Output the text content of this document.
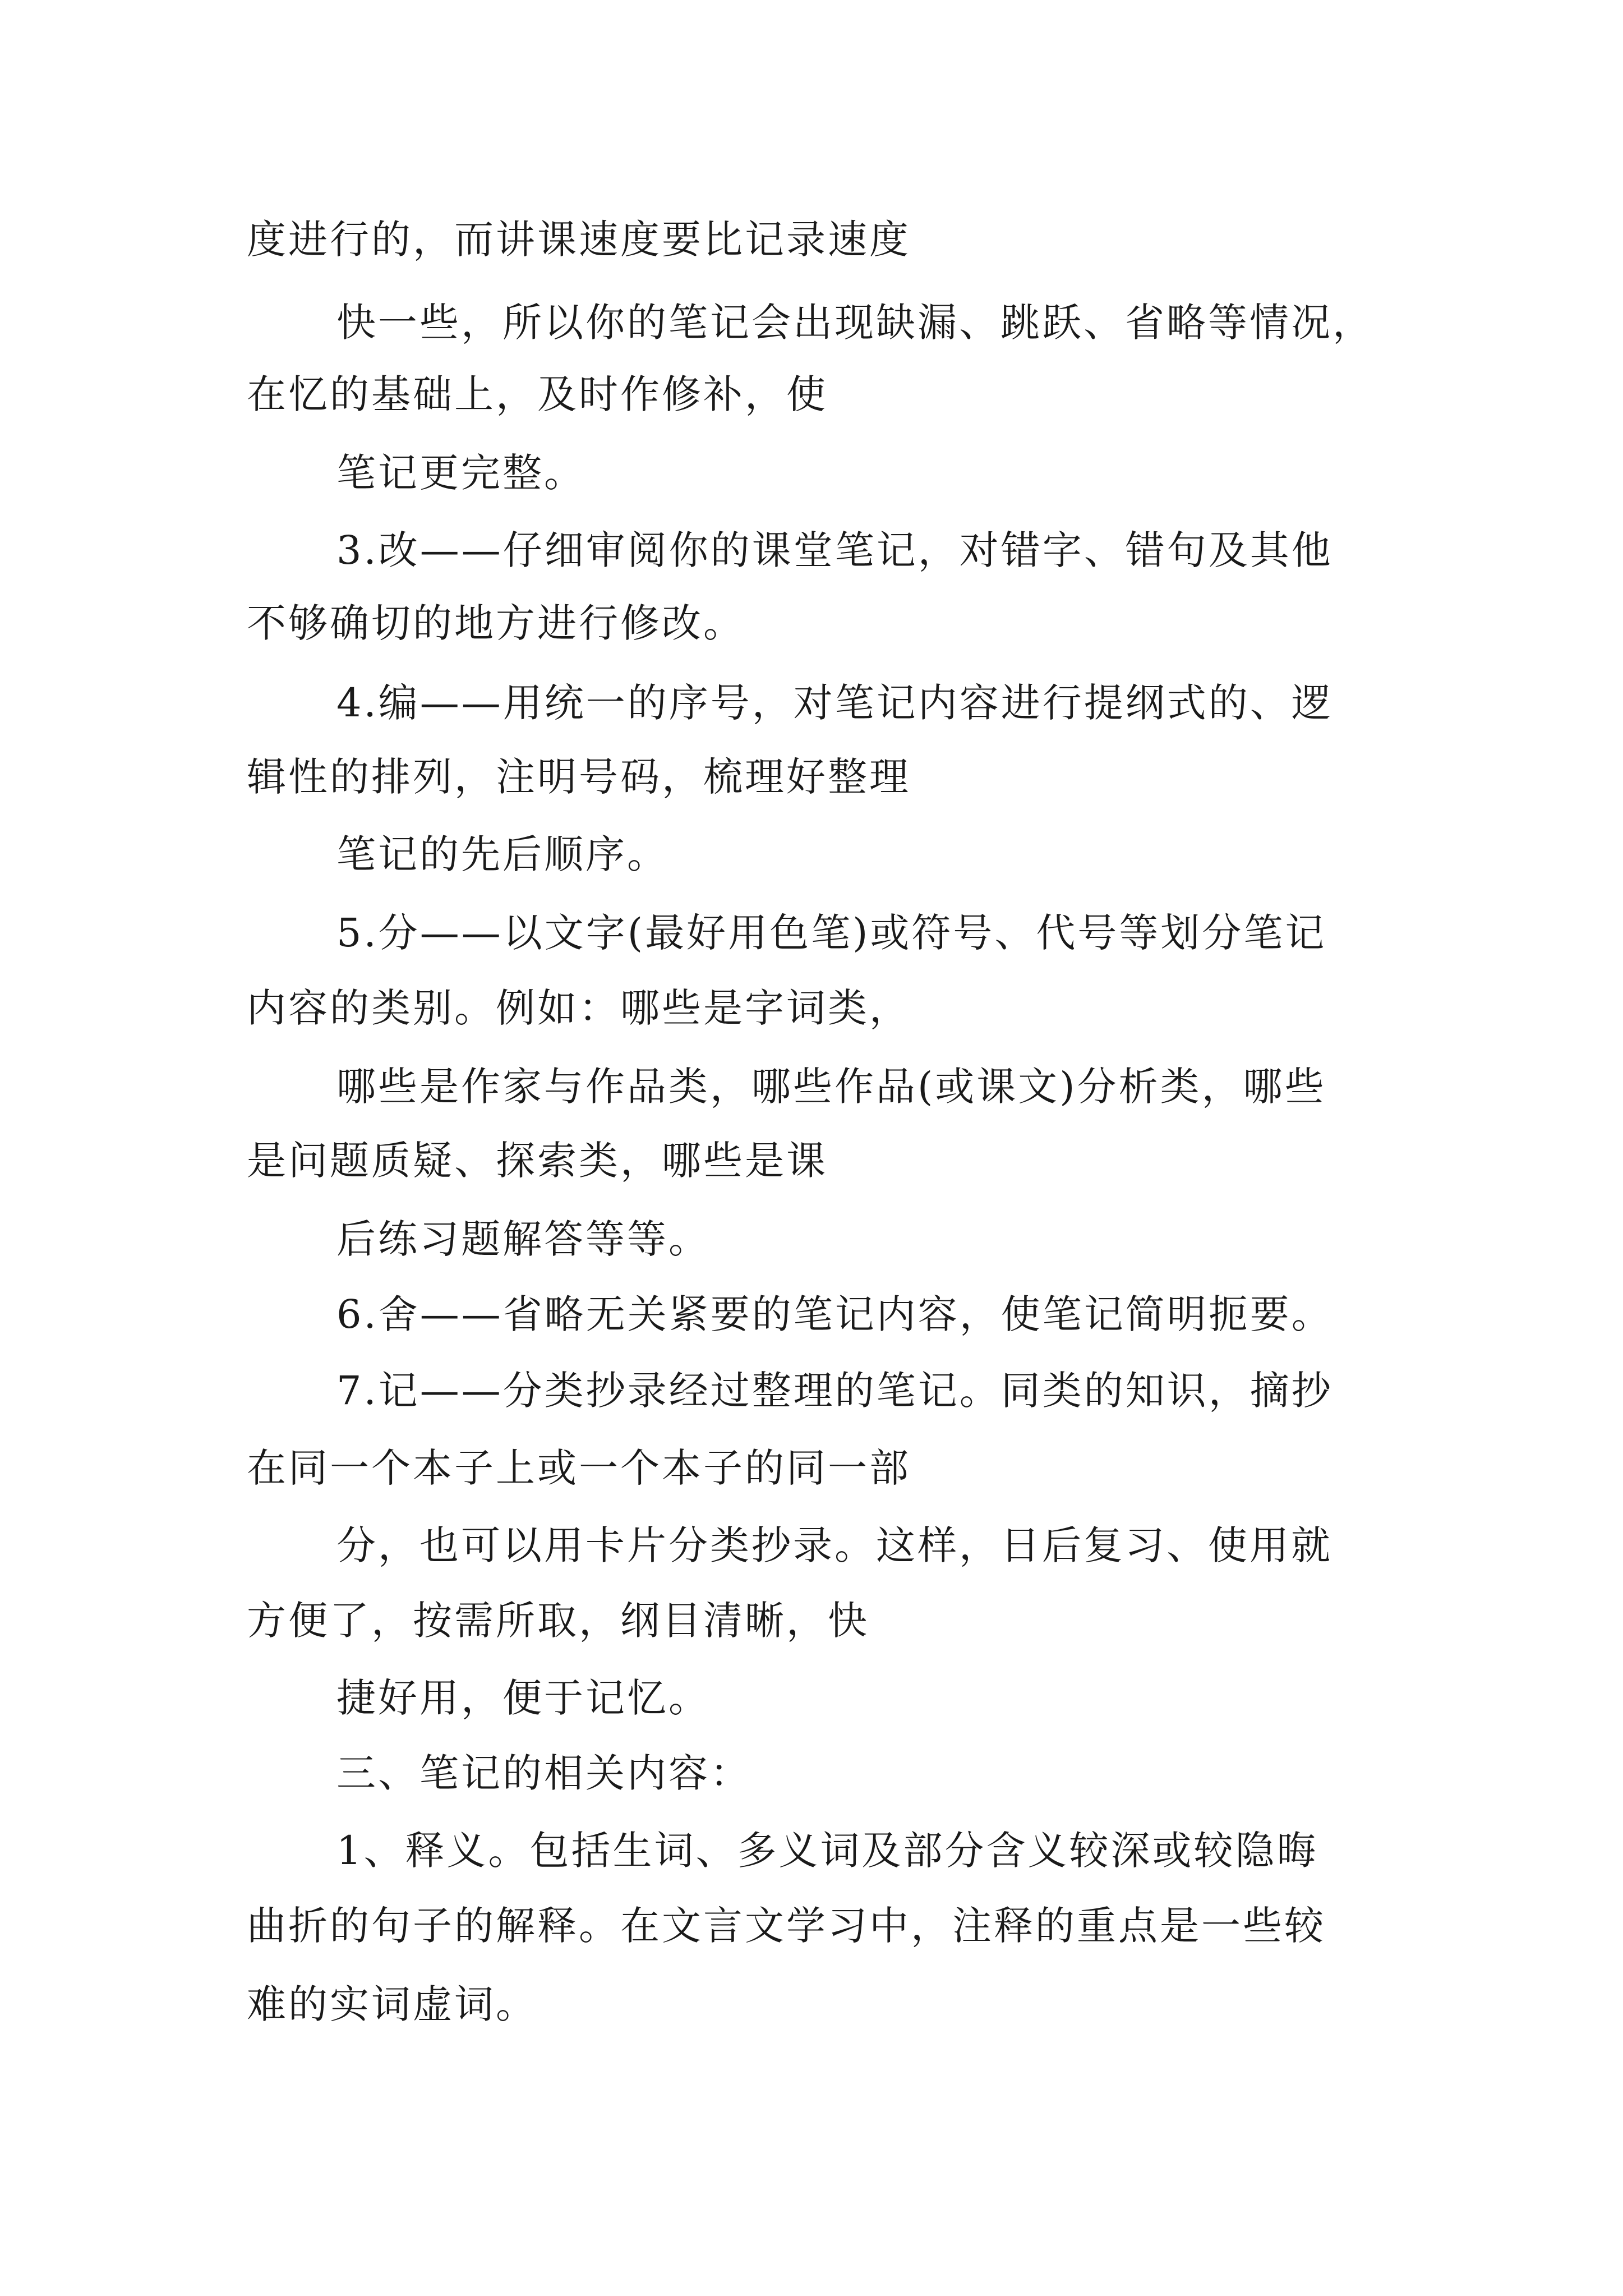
度进行的，而讲课速度要比记录速度
快一些，所以你的笔记会出现缺漏、跳跃、省略等情况，
在忆的基础上，及时作修补，使
笔记更完整。
3.改——仔细审阅你的课堂笔记，对错字、错句及其他
不够确切的地方进行修改。
4.编——用统一的序号，对笔记内容进行提纲式的、逻
辑性的排列，注明号码，梳理好整理
笔记的先后顺序。
5.分——以文字(最好用色笔)或符号、代号等划分笔记
内容的类别。例如：哪些是字词类，
哪些是作家与作品类，哪些作品(或课文)分析类，哪些
是问题质疑、探索类，哪些是课
后练习题解答等等。
6.舍——省略无关紧要的笔记内容，使笔记简明扼要。
7.记——分类抄录经过整理的笔记。同类的知识，摘抄
在同一个本子上或一个本子的同一部
分，也可以用卡片分类抄录。这样，日后复习、使用就
方便了，按需所取，纲目清晰，快
捷好用，便于记忆。
三、笔记的相关内容：
1、释义。包括生词、多义词及部分含义较深或较隐晦
曲折的句子的解释。在文言文学习中，注释的重点是一些较
难的实词虚词。
